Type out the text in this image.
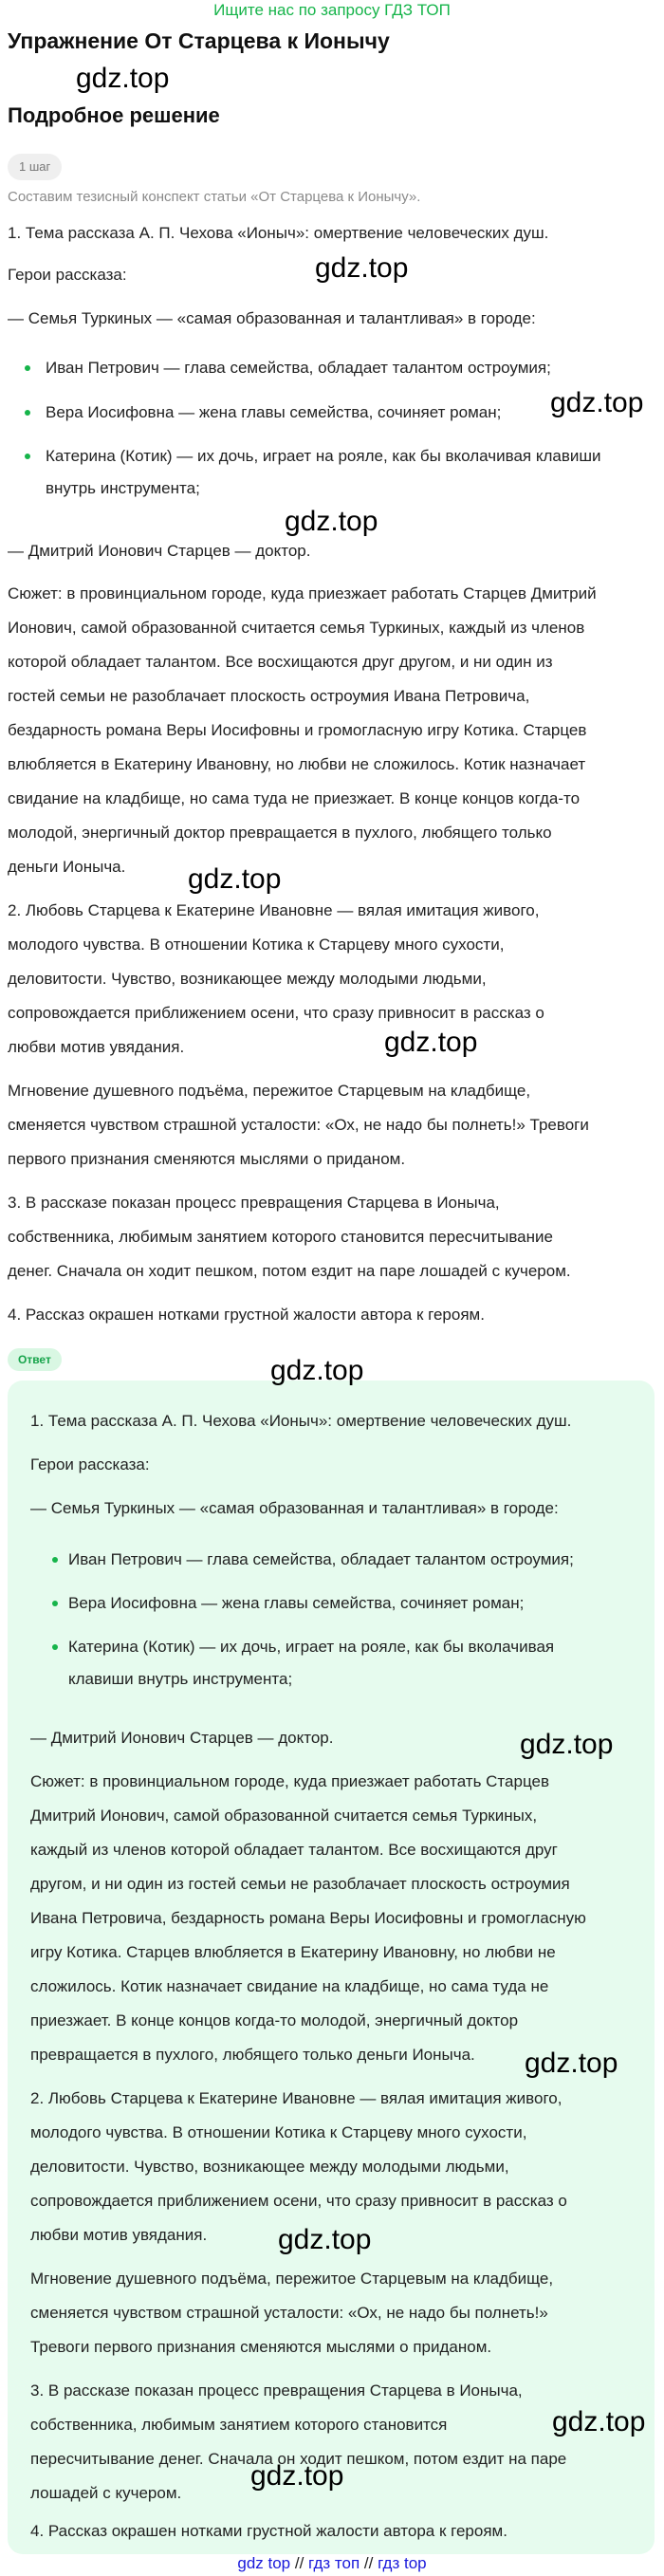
Ищите нас по запросу ГДЗ ТОП
Упражнение От Старцева к Ионычу
gdz.top
Подробное решение
1 шаг
Составим тезисный конспект статьи «От Старцева к Ионычу».
1. Тема рассказа А. П. Чехова «Ионыч»: омертвение человеческих душ.
Герои рассказа:	gdz.top
— Семья Туркиных — «самая образованная и талантливая» в городе:
Иван Петрович — глава семейства, обладает талантом остроумия;
gdz.top
Вера Иосифовна — жена главы семейства, сочиняет роман;
Катерина (Котик) — их дочь, играет на рояле, как бы вколачивая клавиши
внутрь инструмента;
gdz.top
— Дмитрий Ионович Старцев — доктор.
Сюжет: в провинциальном городе, куда приезжает работать Старцев Дмитрий
Ионович, самой образованной считается семья Туркиных, каждый из членов
которой обладает талантом. Все восхищаются друг другом, и ни один из
гостей семьи не разоблачает плоскость остроумия Ивана Петровича,
бездарность романа Веры Иосифовны и громогласную игру Котика. Старцев
влюбляется в Екатерину Ивановну, но любви не сложилось. Котик назначает
свидание на кладбище, но сама туда не приезжает. В конце концов когда-то
молодой, энергичный доктор превращается в пухлого, любящего только
деньги Ионыча. gdz.top
2. Любовь Старцева к Екатерине Ивановне — вялая имитация живого,
молодого чувства. В отношении Котика к Старцеву много сухости,
деловитости. Чувство, возникающее между молодыми людьми,
сопровождается приближением осени, что сразу привносит в рассказ о
любви мотив увядания.	gdz.top
Мгновение душевного подъёма, пережитое Старцевым на кладбище,
сменяется чувством страшной усталости: «Ох, не надо бы полнеть!» Тревоги
первого признания сменяются мыслями о приданом.
3. В рассказе показан процесс превращения Старцева в Ионыча,
собственника, любимым занятием которого становится пересчитывание
денег. Сначала он ходит пешком, потом ездит на паре лошадей с кучером.
4. Рассказ окрашен нотками грустной жалости автора к героям.
Ответ	gdz.top
1. Тема рассказа А. П. Чехова «Ионыч»: омертвение человеческих душ.
Герои рассказа:
— Семья Туркиных — «самая образованная и талантливая» в городе:
Иван Петрович — глава семейства, обладает талантом остроумия;
Вера Иосифовна — жена главы семейства, сочиняет роман;
Катерина (Котик) — их дочь, играет на рояле, как бы вколачивая
клавиши внутрь инструмента;
— Дмитрий Ионович Старцев — доктор.	gdz.top
Сюжет: в провинциальном городе, куда приезжает работать Старцев
Дмитрий Ионович, самой образованной считается семья Туркиных,
каждый из членов которой обладает талантом. Все восхищаются друг
другом, и ни один из гостей семьи не разоблачает плоскость остроумия
Ивана Петровича, бездарность романа Веры Иосифовны и громогласную
игру Котика. Старцев влюбляется в Екатерину Ивановну, но любви не
сложилось. Котик назначает свидание на кладбище, но сама туда не
приезжает. В конце концов когда-то молодой, энергичный доктор
превращается в пухлого, любящего только деньги Ионыча. gdz.top
2. Любовь Старцева к Екатерине Ивановне — вялая имитация живого,
молодого чувства. В отношении Котика к Старцеву много сухости,
деловитости. Чувство, возникающее между молодыми людьми,
сопровождается приближением осени, что сразу привносит в рассказ о
любви мотив увядания. gdz.top
Мгновение душевного подъёма, пережитое Старцевым на кладбище,
сменяется чувством страшной усталости: «Ох, не надо бы полнеть!»
Тревоги первого признания сменяются мыслями о приданом.
3. В рассказе показан процесс превращения Старцева в Ионыча,
собственника, любимым занятием которого становится	gdz.top
пересчитывание денег. Сначала он ходит пешком, потом ездит на паре
лошадей с кучером.
gdz.top
4. Рассказ окрашен нотками грустной жалости автора к героям.
gdz top // гдз топ // гдз top
